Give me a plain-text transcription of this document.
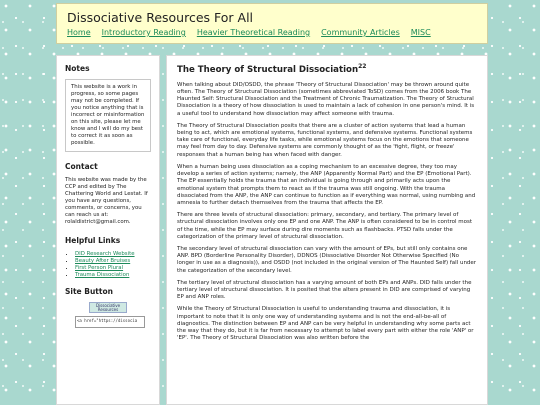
Dissociative Resources For All
Home Introductory Reading Heavier Theoretical Reading Community Articles MISC
Notes
This website is a work in progress, so some pages may not be completed. If you notice anything that is incorrect or misinformation on this site, please let me know and I will do my best to correct it as soon as possible.
Contact
This website was made by the CCP and edited by The Chattering World and Lestat. If you have any questions, comments, or concerns, you can reach us at: rolaldistrict@gmail.com.
Helpful Links
• DID Research Website
• Beauty After Bruises
• First Person Plural
• Trauma Dissociation
Site Button
Dissociative Resources
<a href="https://dissocia
The Theory of Structural Dissociation$^{22}$

When talking about DID/OSDD, the phrase 'Theory of Structural Dissociation' may be thrown around quite often. The Theory of Structural Dissociation (sometimes abbreviated ToSD) comes from the 2006 book The Haunted Self: Structural Dissociation and the Treatment of Chronic Traumatization. The Theory of Structural Dissociation is a theory of how dissociation is used to maintain a lack of cohesion in one person's mind. It is a useful tool to understand how dissociation may affect someone with trauma.

The Theory of Structural Dissociation posits that there are a cluster of action systems that lead a human being to act, which are emotional systems, functional systems, and defensive systems. Functional systems take care of functional, everyday life tasks, while emotional systems focus on the emotions that someone may feel from day to day. Defensive systems are commonly thought of as the 'fight, flight, or freeze' responses that a human being has when faced with danger.

When a human being uses dissociation as a coping mechanism to an excessive degree, they too may develop a series of action systems; namely, the ANP (Apparently Normal Part) and the EP (Emotional Part). The EP essentially holds the trauma that an individual is going through and primarily acts upon the emotional system that prompts them to react as if the trauma was still ongoing. With the trauma dissociated from the ANP, the ANP can continue to function as if everything was normal, using numbing and amnesia to further detach themselves from the trauma that affects the EP.

There are three levels of structural dissociation: primary, secondary, and tertiary. The primary level of structural dissociation involves only one EP and one ANP. The ANP is often considered to be in control most of the time, while the EP may surface during dire moments such as flashbacks. PTSD falls under the categorization of the primary level of structural dissociation.

The secondary level of structural dissociation can vary with the amount of EPs, but still only contains one ANP. BPD (Borderline Personality Disorder), DDNOS (Dissociative Disorder Not Otherwise Specified (No longer in use as a diagnosis)), and OSDD (not included in the original version of The Haunted Self) fall under the categorization of the secondary level.

The tertiary level of structural dissociation has a varying amount of both EPs and ANPs. DID falls under the tertiary level of structural dissociation. It is posited that the alters present in DID are comprised of varying EP and ANP roles.

While the Theory of Structural Dissociation is useful to understanding trauma and dissociation, it is important to note that it is only one way of understanding systems and is not the end-all-be-all of diagnostics. The distinction between EP and ANP can be very helpful in understanding why some parts act the way that they do, but it is far from necessary to attempt to label every part with either the role 'ANP' or 'EP'. The Theory of Structural Dissociation was also written before the
